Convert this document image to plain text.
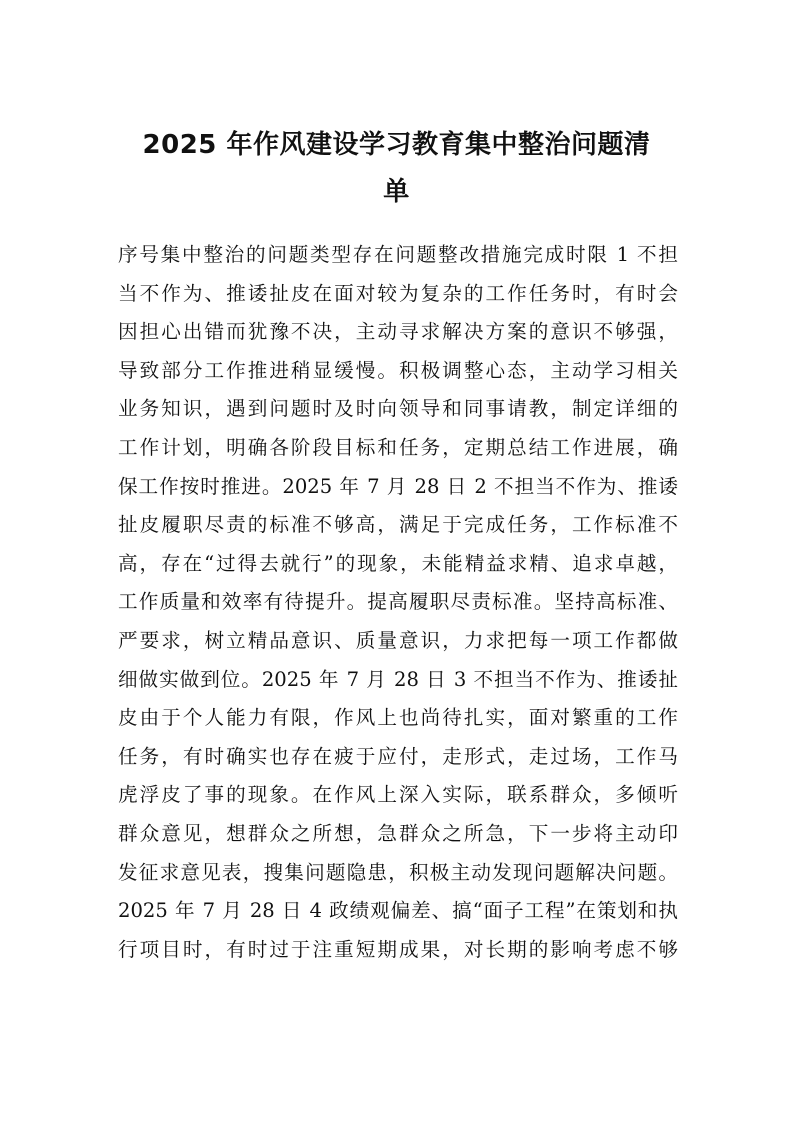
2025 年作风建设学习教育集中整治问题清
单
序号集中整治的问题类型存在问题整改措施完成时限 1 不担
当不作为、推诿扯皮在面对较为复杂的工作任务时，有时会
因担心出错而犹豫不决，主动寻求解决方案的意识不够强，
导致部分工作推进稍显缓慢。积极调整心态，主动学习相关
业务知识，遇到问题时及时向领导和同事请教，制定详细的
工作计划，明确各阶段目标和任务，定期总结工作进展，确
保工作按时推进。2025 年 7 月 28 日 2 不担当不作为、推诿
扯皮履职尽责的标准不够高，满足于完成任务，工作标准不
高，存在“过得去就行”的现象，未能精益求精、追求卓越，
工作质量和效率有待提升。提高履职尽责标准。坚持高标准、
严要求，树立精品意识、质量意识，力求把每一项工作都做
细做实做到位。2025 年 7 月 28 日 3 不担当不作为、推诿扯
皮由于个人能力有限，作风上也尚待扎实，面对繁重的工作
任务，有时确实也存在疲于应付，走形式，走过场，工作马
虎浮皮了事的现象。在作风上深入实际，联系群众，多倾听
群众意见，想群众之所想，急群众之所急，下一步将主动印
发征求意见表，搜集问题隐患，积极主动发现问题解决问题。
2025 年 7 月 28 日 4 政绩观偏差、搞“面子工程”在策划和执
行项目时，有时过于注重短期成果，对长期的影响考虑不够
